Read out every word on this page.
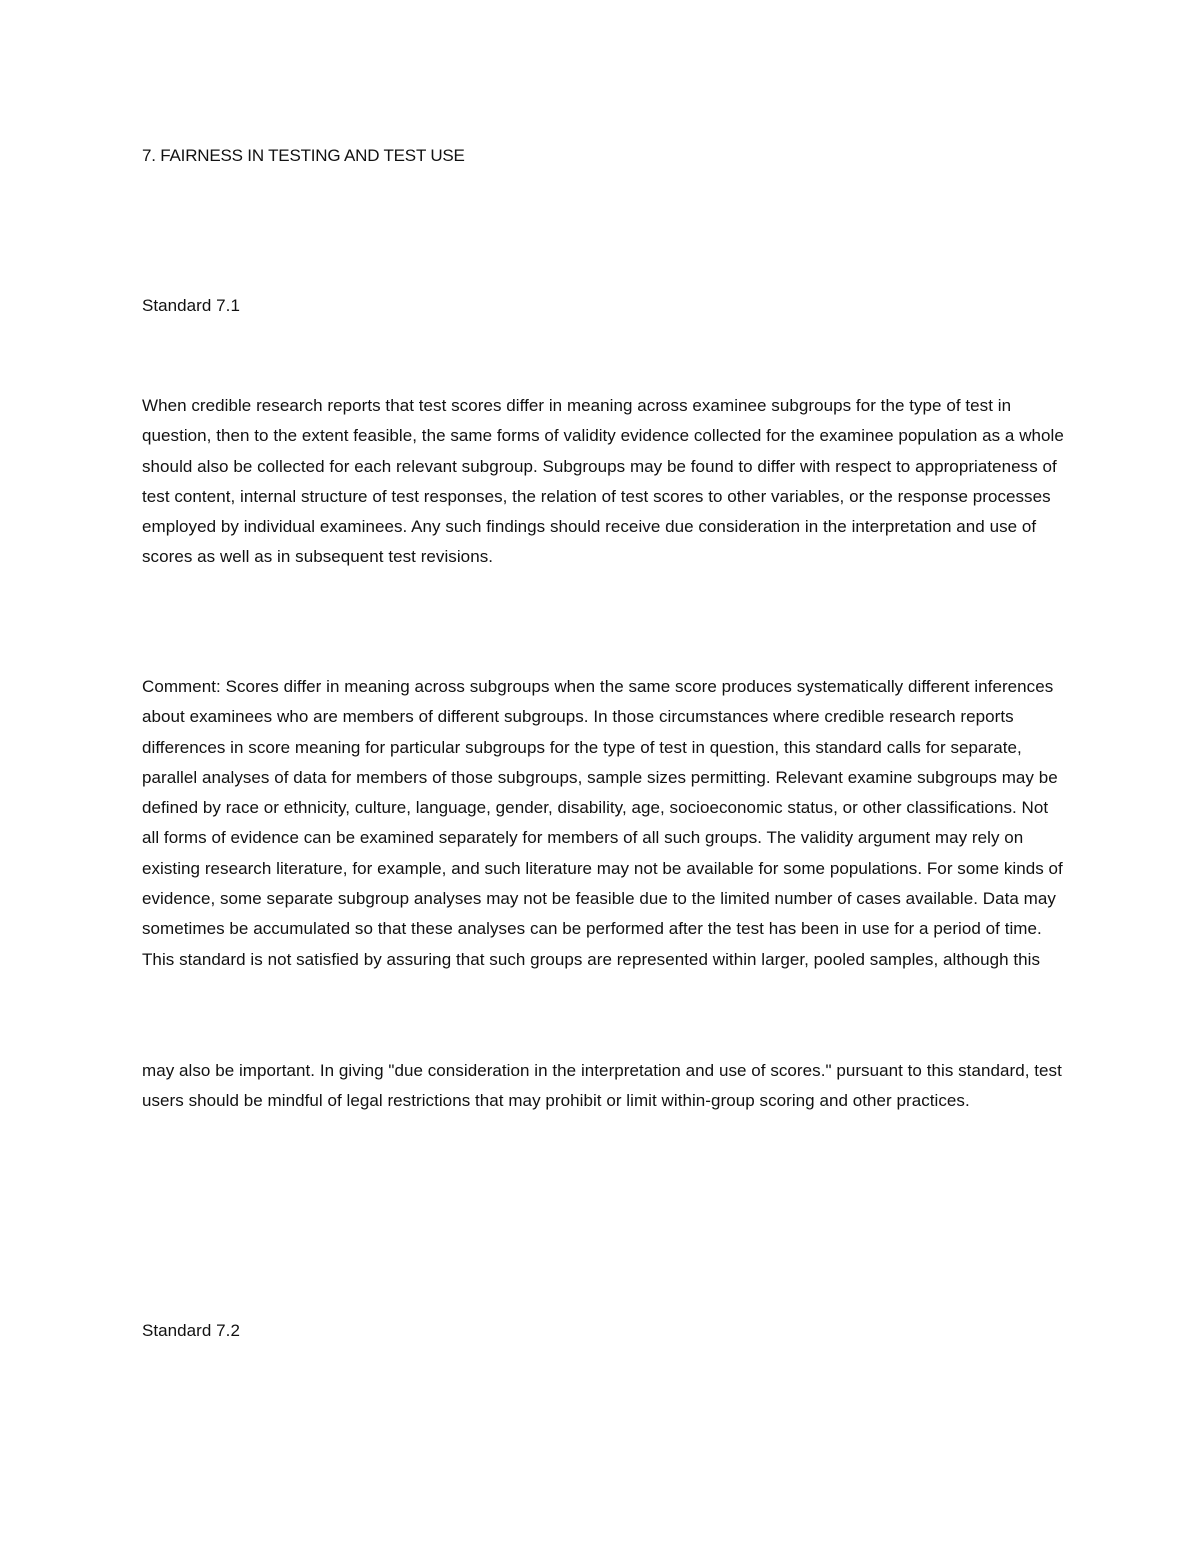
7. FAIRNESS IN TESTING AND TEST USE

Standard 7.1

When credible research reports that test scores differ in meaning across examinee subgroups for the type of test in question, then to the extent feasible, the same forms of validity evidence collected for the examinee population as a whole should also be collected for each relevant subgroup. Subgroups may be found to differ with respect to appropriateness of test content, internal structure of test responses, the relation of test scores to other variables, or the response processes employed by individual examinees. Any such findings should receive due consideration in the interpretation and use of scores as well as in subsequent test revisions.

Comment: Scores differ in meaning across subgroups when the same score produces systematically different inferences about examinees who are members of different subgroups. In those circumstances where credible research reports differences in score meaning for particular subgroups for the type of test in question, this standard calls for separate, parallel analyses of data for members of those subgroups, sample sizes permitting. Relevant examine subgroups may be defined by race or ethnicity, culture, language, gender, disability, age, socioeconomic status, or other classifications. Not all forms of evidence can be examined separately for members of all such groups. The validity argument may rely on existing research literature, for example, and such literature may not be available for some populations. For some kinds of evidence, some separate subgroup analyses may not be feasible due to the limited number of cases available. Data may sometimes be accumulated so that these analyses can be performed after the test has been in use for a period of time. This standard is not satisfied by assuring that such groups are represented within larger, pooled samples, although this

may also be important. In giving "due consideration in the interpretation and use of scores." pursuant to this standard, test users should be mindful of legal restrictions that may prohibit or limit within-group scoring and other practices.

Standard 7.2
